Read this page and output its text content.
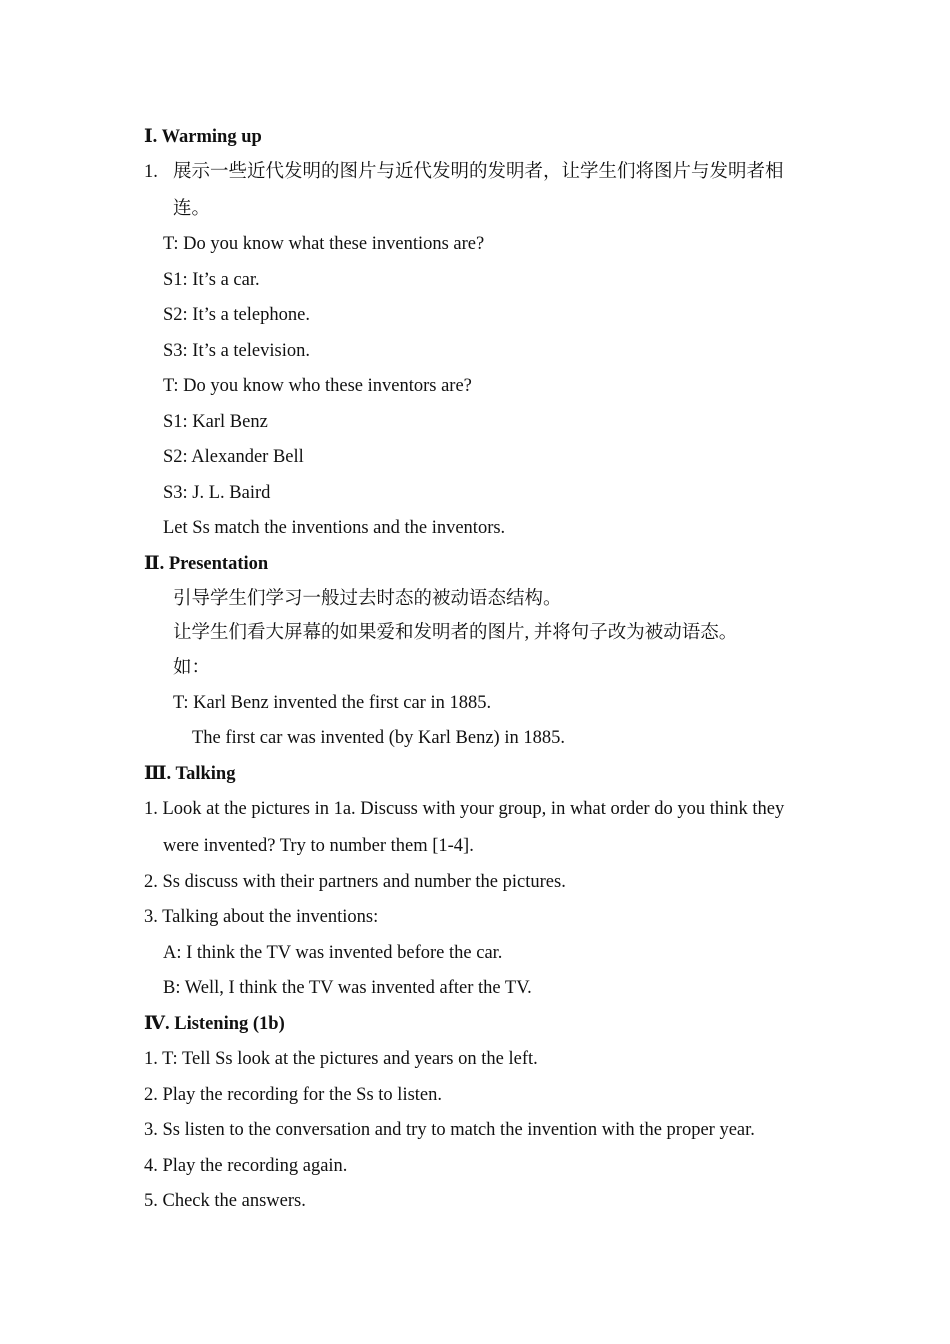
Ⅰ. Warming up
1. 展示一些近代发明的图片与近代发明的发明者，让学生们将图片与发明者相
连。
T: Do you know what these inventions are?
S1: It’s a car.
S2: It’s a telephone.
S3: It’s a television.
T: Do you know who these inventors are?
S1: Karl Benz
S2: Alexander Bell
S3: J. L. Baird
Let Ss match the inventions and the inventors.
Ⅱ. Presentation
引导学生们学习一般过去时态的被动语态结构。
让学生们看大屏幕的如果爱和发明者的图片, 并将句子改为被动语态。
如：
T: Karl Benz invented the first car in 1885.
The first car was invented (by Karl Benz) in 1885.
Ⅲ. Talking
1. Look at the pictures in 1a. Discuss with your group, in what order do you think they
were invented? Try to number them [1-4].
2. Ss discuss with their partners and number the pictures.
3. Talking about the inventions:
A: I think the TV was invented before the car.
B: Well, I think the TV was invented after the TV.
Ⅳ. Listening (1b)
1. T: Tell Ss look at the pictures and years on the left.
2. Play the recording for the Ss to listen.
3. Ss listen to the conversation and try to match the invention with the proper year.
4. Play the recording again.
5. Check the answers.
